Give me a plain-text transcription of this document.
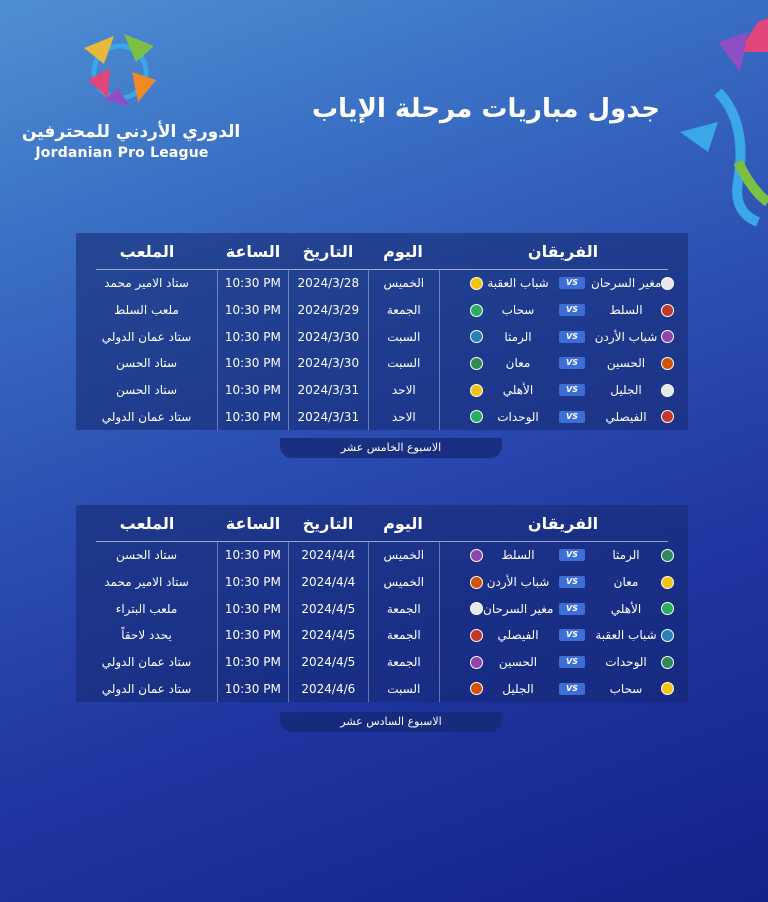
الدوري الأردني للمحترفين
Jordanian Pro League
جدول مباريات مرحلة الإياب
الفريقان
اليوم
التاريخ
الساعة
الملعب
مغير السرحان
VS
شباب العقبة
الخميس
2024/3/28
10:30 PM
ستاد الامير محمد
السلط
VS
سحاب
الجمعة
2024/3/29
10:30 PM
ملعب السلط
شباب الأردن
VS
الرمثا
السبت
2024/3/30
10:30 PM
ستاد عمان الدولي
الحسين
VS
معان
السبت
2024/3/30
10:30 PM
ستاد الحسن
الجليل
VS
الأهلي
الاحد
2024/3/31
10:30 PM
ستاد الحسن
الفيصلي
VS
الوحدات
الاحد
2024/3/31
10:30 PM
ستاد عمان الدولي
الاسبوع الخامس عشر
الفريقان
اليوم
التاريخ
الساعة
الملعب
الرمثا
VS
السلط
الخميس
2024/4/4
10:30 PM
ستاد الحسن
معان
VS
شباب الأردن
الخميس
2024/4/4
10:30 PM
ستاد الامير محمد
الأهلي
VS
مغير السرحان
الجمعة
2024/4/5
10:30 PM
ملعب البتراء
شباب العقبة
VS
الفيصلي
الجمعة
2024/4/5
10:30 PM
يحدد لاحقاً
الوحدات
VS
الحسين
الجمعة
2024/4/5
10:30 PM
ستاد عمان الدولي
سحاب
VS
الجليل
السبت
2024/4/6
10:30 PM
ستاد عمان الدولي
الاسبوع السادس عشر
